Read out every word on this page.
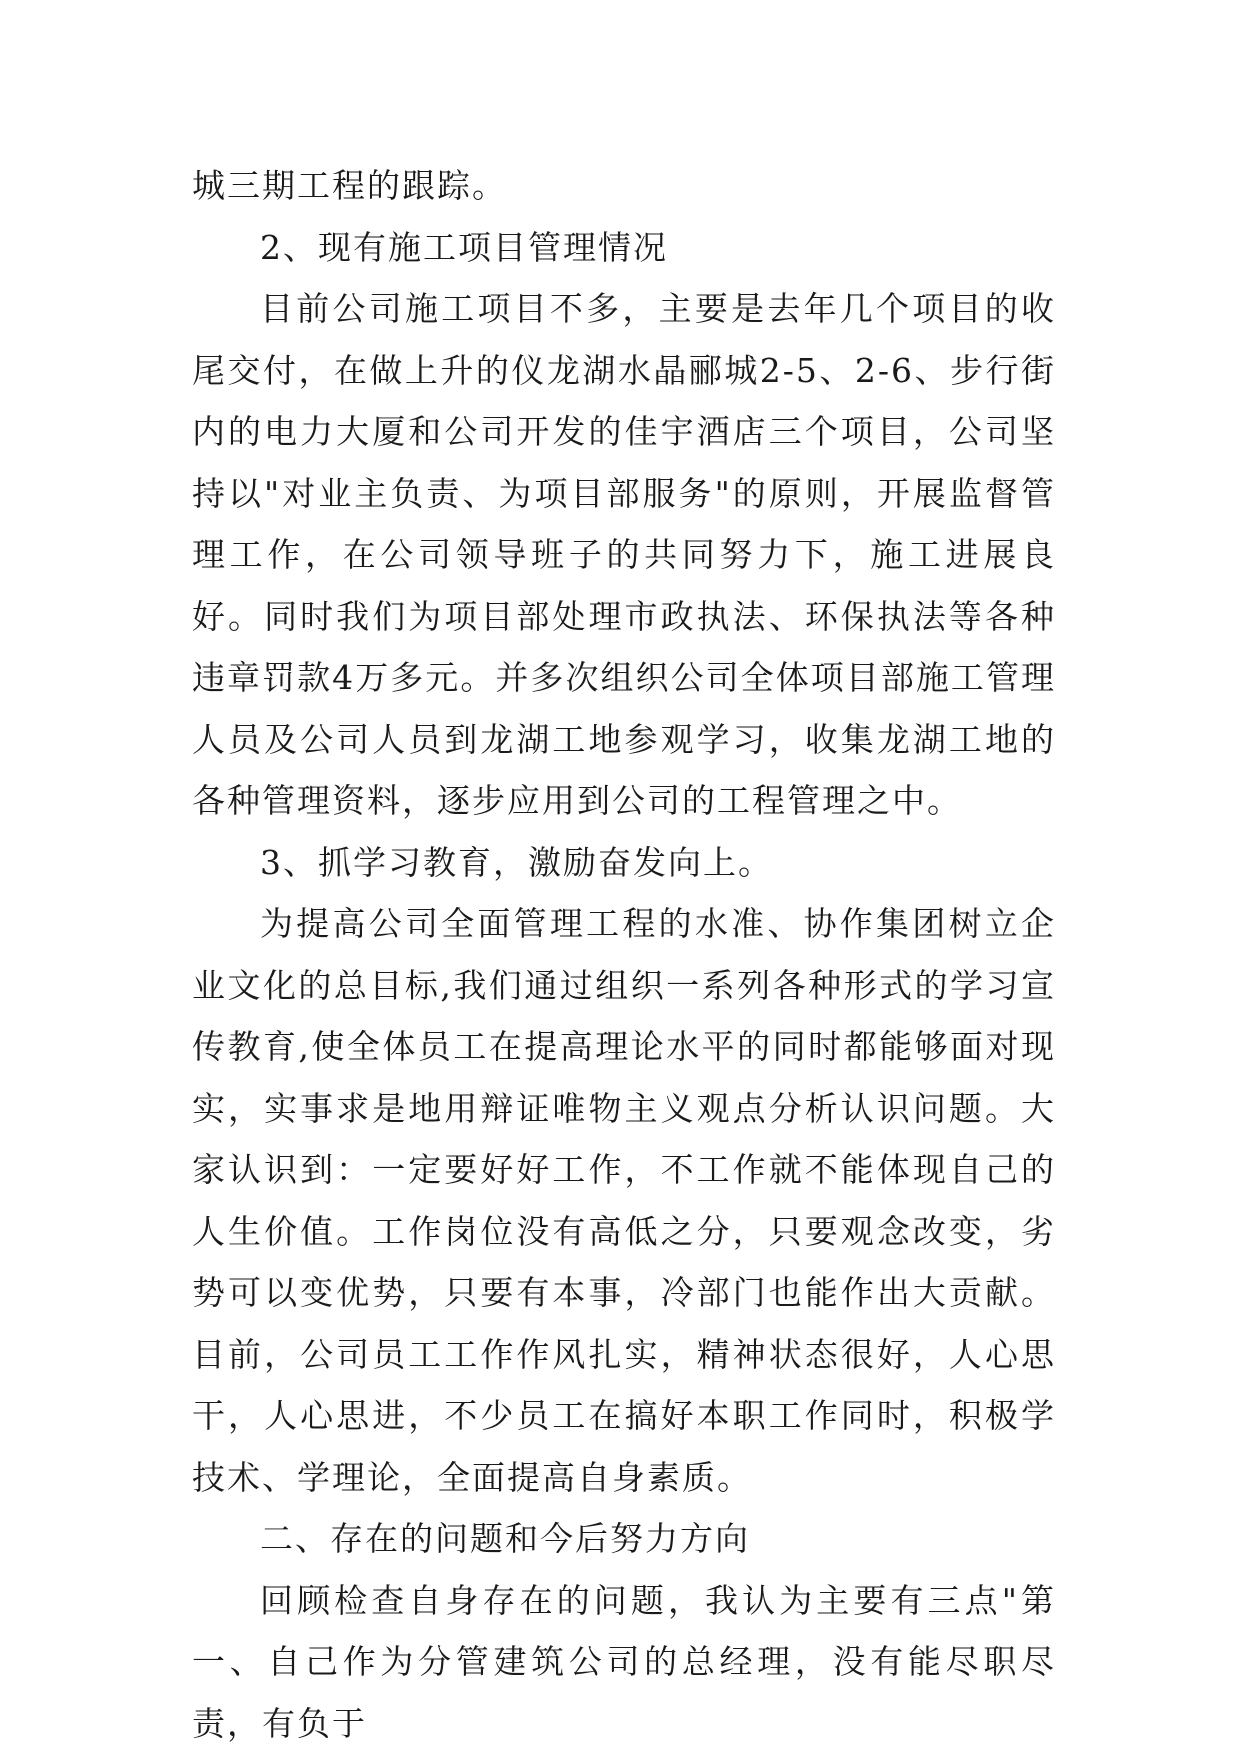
城三期工程的跟踪。

2、现有施工项目管理情况

目前公司施工项目不多，主要是去年几个项目的收尾交付，在做上升的仪龙湖水晶郦城2-5、2-6、步行街内的电力大厦和公司开发的佳宇酒店三个项目，公司坚持以"对业主负责、为项目部服务"的原则，开展监督管理工作，在公司领导班子的共同努力下，施工进展良好。同时我们为项目部处理市政执法、环保执法等各种违章罚款4万多元。并多次组织公司全体项目部施工管理人员及公司人员到龙湖工地参观学习，收集龙湖工地的各种管理资料，逐步应用到公司的工程管理之中。

3、抓学习教育，激励奋发向上。

为提高公司全面管理工程的水准、协作集团树立企业文化的总目标,我们通过组织一系列各种形式的学习宣传教育,使全体员工在提高理论水平的同时都能够面对现实，实事求是地用辩证唯物主义观点分析认识问题。大家认识到：一定要好好工作，不工作就不能体现自己的人生价值。工作岗位没有高低之分，只要观念改变，劣势可以变优势，只要有本事，冷部门也能作出大贡献。目前，公司员工工作作风扎实，精神状态很好，人心思干，人心思进，不少员工在搞好本职工作同时，积极学技术、学理论，全面提高自身素质。

二、存在的问题和今后努力方向

回顾检查自身存在的问题，我认为主要有三点"第一、自己作为分管建筑公司的总经理，没有能尽职尽责，有负于
